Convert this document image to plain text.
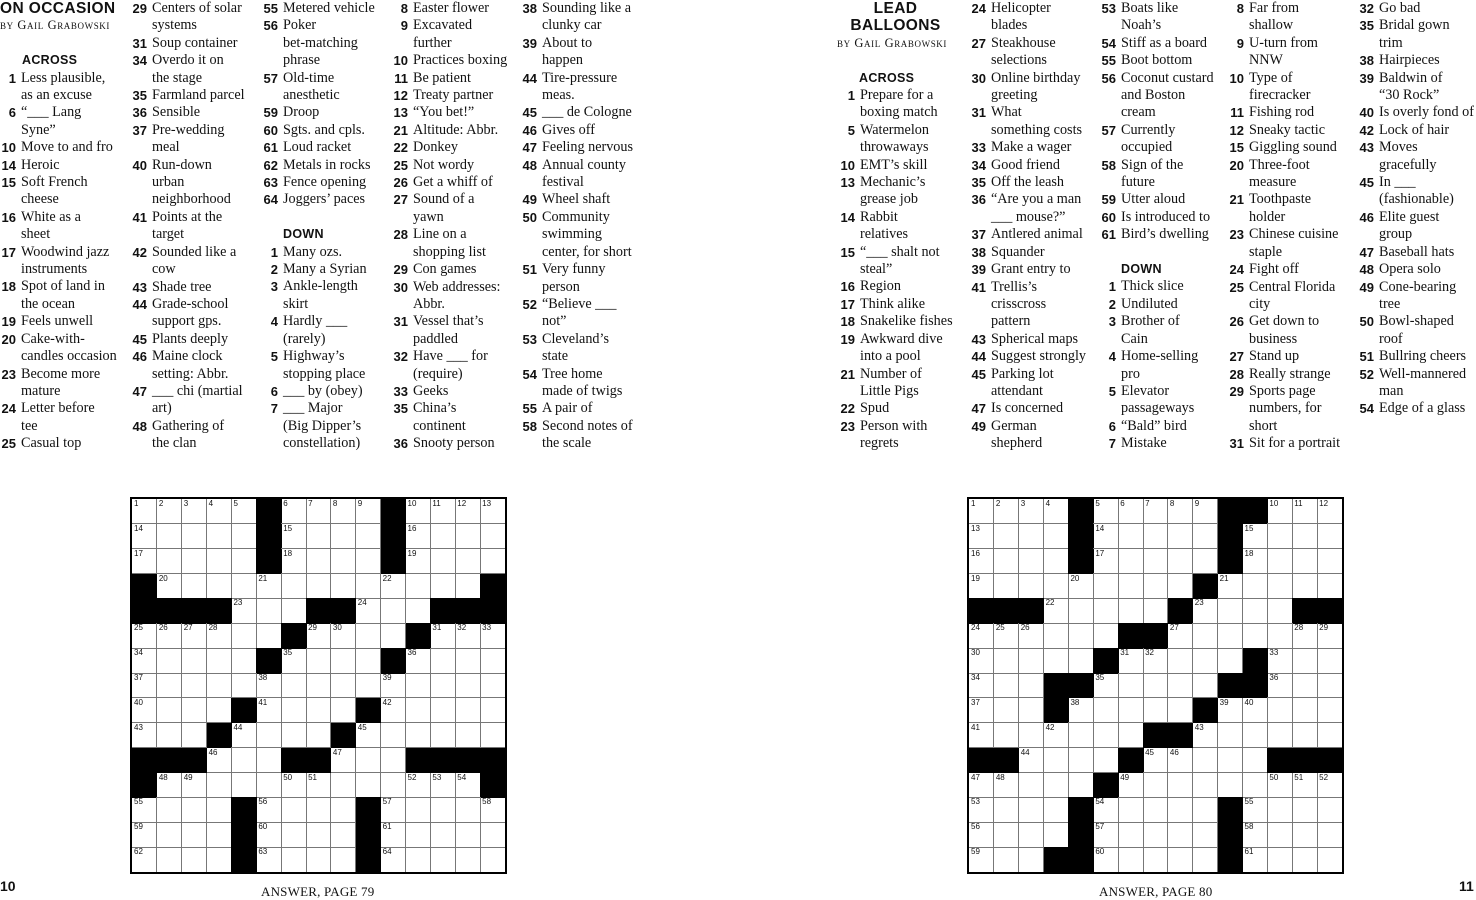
ON OCCASION
by Gail Grabowski
ACROSS
1 Less plausible,
as an excuse
6 “___ Lang
Syne”
10 Move to and fro
14 Heroic
15 Soft French
cheese
16 White as a
sheet
17 Woodwind jazz
instruments
18 Spot of land in
the ocean
19 Feels unwell
20 Cake-with-
candles occasion
23 Become more
mature
24 Letter before
tee
25 Casual top
29 Centers of solar
systems
31 Soup container
34 Overdo it on
the stage
35 Farmland parcel
36 Sensible
37 Pre-wedding
meal
40 Run-down
urban
neighborhood
41 Points at the
target
42 Sounded like a
cow
43 Shade tree
44 Grade-school
support gps.
45 Plants deeply
46 Maine clock
setting: Abbr.
47 ___ chi (martial
art)
48 Gathering of
the clan
55 Metered vehicle
56 Poker
bet-matching
phrase
57 Old-time
anesthetic
59 Droop
60 Sgts. and cpls.
61 Loud racket
62 Metals in rocks
63 Fence opening
64 Joggers’ paces
DOWN
1 Many ozs.
2 Many a Syrian
3 Ankle-length
skirt
4 Hardly ___
(rarely)
5 Highway’s
stopping place
6 ___ by (obey)
7 ___ Major
(Big Dipper’s
constellation)
8 Easter flower
9 Excavated
further
10 Practices boxing
11 Be patient
12 Treaty partner
13 “You bet!”
21 Altitude: Abbr.
22 Donkey
25 Not wordy
26 Get a whiff of
27 Sound of a
yawn
28 Line on a
shopping list
29 Con games
30 Web addresses:
Abbr.
31 Vessel that’s
paddled
32 Have ___ for
(require)
33 Geeks
35 China’s
continent
36 Snooty person
38 Sounding like a
clunky car
39 About to
happen
44 Tire-pressure
meas.
45 ___ de Cologne
46 Gives off
47 Feeling nervous
48 Annual county
festival
49 Wheel shaft
50 Community
swimming
center, for short
51 Very funny
person
52 “Believe ___
not”
53 Cleveland’s
state
54 Tree home
made of twigs
55 A pair of
58 Second notes of
the scale
LEAD
BALLOONS
by Gail Grabowski
ACROSS
1 Prepare for a
boxing match
5 Watermelon
throwaways
10 EMT’s skill
13 Mechanic’s
grease job
14 Rabbit
relatives
15 “___ shalt not
steal”
16 Region
17 Think alike
18 Snakelike fishes
19 Awkward dive
into a pool
21 Number of
Little Pigs
22 Spud
23 Person with
regrets
24 Helicopter
blades
27 Steakhouse
selections
30 Online birthday
greeting
31 What
something costs
33 Make a wager
34 Good friend
35 Off the leash
36 “Are you a man
___ mouse?”
37 Antlered animal
38 Squander
39 Grant entry to
41 Trellis’s
crisscross
pattern
43 Spherical maps
44 Suggest strongly
45 Parking lot
attendant
47 Is concerned
49 German
shepherd
53 Boats like
Noah’s
54 Stiff as a board
55 Boot bottom
56 Coconut custard
and Boston
cream
57 Currently
occupied
58 Sign of the
future
59 Utter aloud
60 Is introduced to
61 Bird’s dwelling
DOWN
1 Thick slice
2 Undiluted
3 Brother of
Cain
4 Home-selling
pro
5 Elevator
passageways
6 “Bald” bird
7 Mistake
8 Far from
shallow
9 U-turn from
NNW
10 Type of
firecracker
11 Fishing rod
12 Sneaky tactic
15 Giggling sound
20 Three-foot
measure
21 Toothpaste
holder
23 Chinese cuisine
staple
24 Fight off
25 Central Florida
city
26 Get down to
business
27 Stand up
28 Really strange
29 Sports page
numbers, for
short
31 Sit for a portrait
32 Go bad
35 Bridal gown
trim
38 Hairpieces
39 Baldwin of
“30 Rock”
40 Is overly fond of
42 Lock of hair
43 Moves
gracefully
45 In ___
(fashionable)
46 Elite guest
group
47 Baseball hats
48 Opera solo
49 Cone-bearing
tree
50 Bowl-shaped
roof
51 Bullring cheers
52 Well-mannered
man
54 Edge of a glass
1	2	3	4	5	6	7	8	9	10 11 12 13
14	15	16
17	18	19
20	21	22
23	24
25 26 27 28	29 30	31 32 33
34	35	36
37	38	39
40	41	42
43	44	45
46	47
48 49	50 51	52 53 54
55	56	57	58
59	60	61
62	63	64
1	2	3	4	5	6	7	8	9	10 11 12
13	14	15
16	17	18
19	20	21
22	23
24 25 26	27	28 29
30	31 32	33
34	35	36
37	38	39 40
41	42	43
44	45 46
47 48	49	50 51 52
53	54	55
56	57	58
59	60	61
10	ANSWER, PAGE 79	11
ANSWER, PAGE 80
